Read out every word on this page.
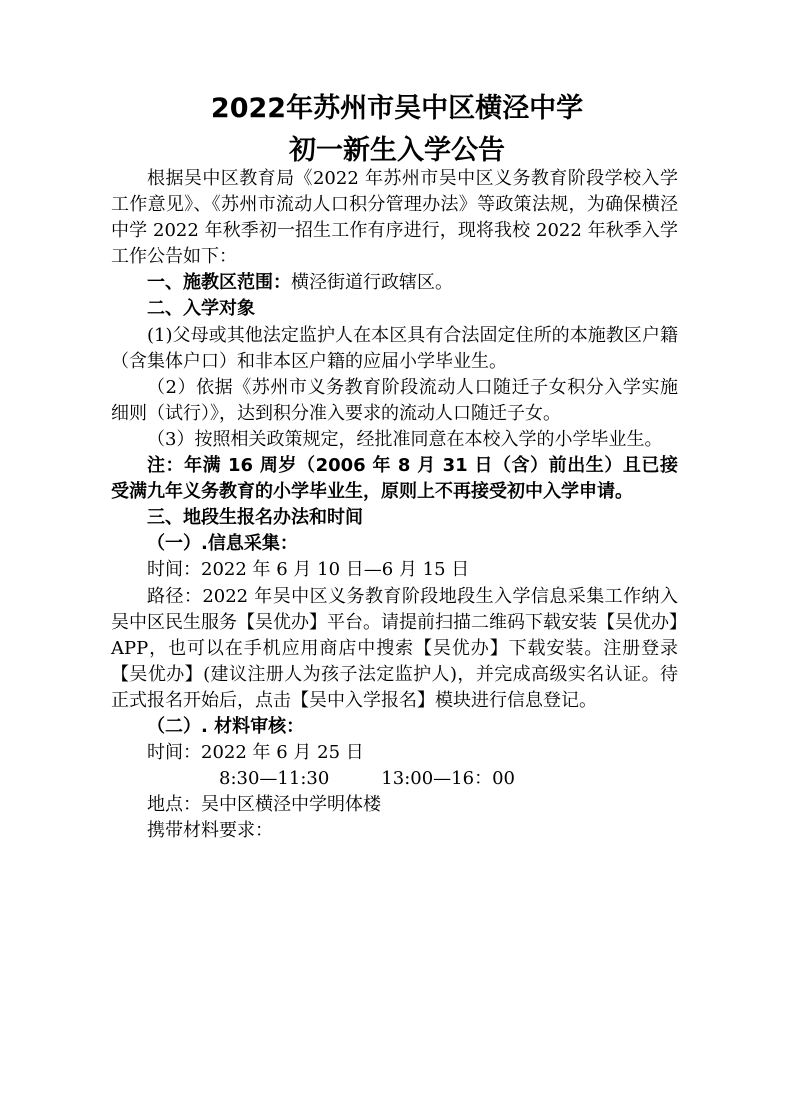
2022年苏州市吴中区横泾中学
初一新生入学公告

根据吴中区教育局《2022 年苏州市吴中区义务教育阶段学校入学工作意见》、《苏州市流动人口积分管理办法》等政策法规，为确保横泾中学 2022 年秋季初一招生工作有序进行，现将我校 2022 年秋季入学工作公告如下：

一、施教区范围：横泾街道行政辖区。

二、入学对象

(1)父母或其他法定监护人在本区具有合法固定住所的本施教区户籍（含集体户口）和非本区户籍的应届小学毕业生。

（2）依据《苏州市义务教育阶段流动人口随迁子女积分入学实施细则（试行）》，达到积分准入要求的流动人口随迁子女。

（3）按照相关政策规定，经批准同意在本校入学的小学毕业生。

注：年满 16 周岁（2006 年 8 月 31 日（含）前出生）且已接受满九年义务教育的小学毕业生，原则上不再接受初中入学申请。

三、地段生报名办法和时间

（一）.信息采集：

时间：2022 年 6 月 10 日—6 月 15 日

路径：2022 年吴中区义务教育阶段地段生入学信息采集工作纳入吴中区民生服务【吴优办】平台。请提前扫描二维码下载安装【吴优办】APP，也可以在手机应用商店中搜索【吴优办】下载安装。注册登录【吴优办】(建议注册人为孩子法定监护人)，并完成高级实名认证。待正式报名开始后，点击【吴中入学报名】模块进行信息登记。

（二）. 材料审核：

时间：2022 年 6 月 25 日

8:30—11:30	13:00—16：00

地点：吴中区横泾中学明体楼

携带材料要求：
